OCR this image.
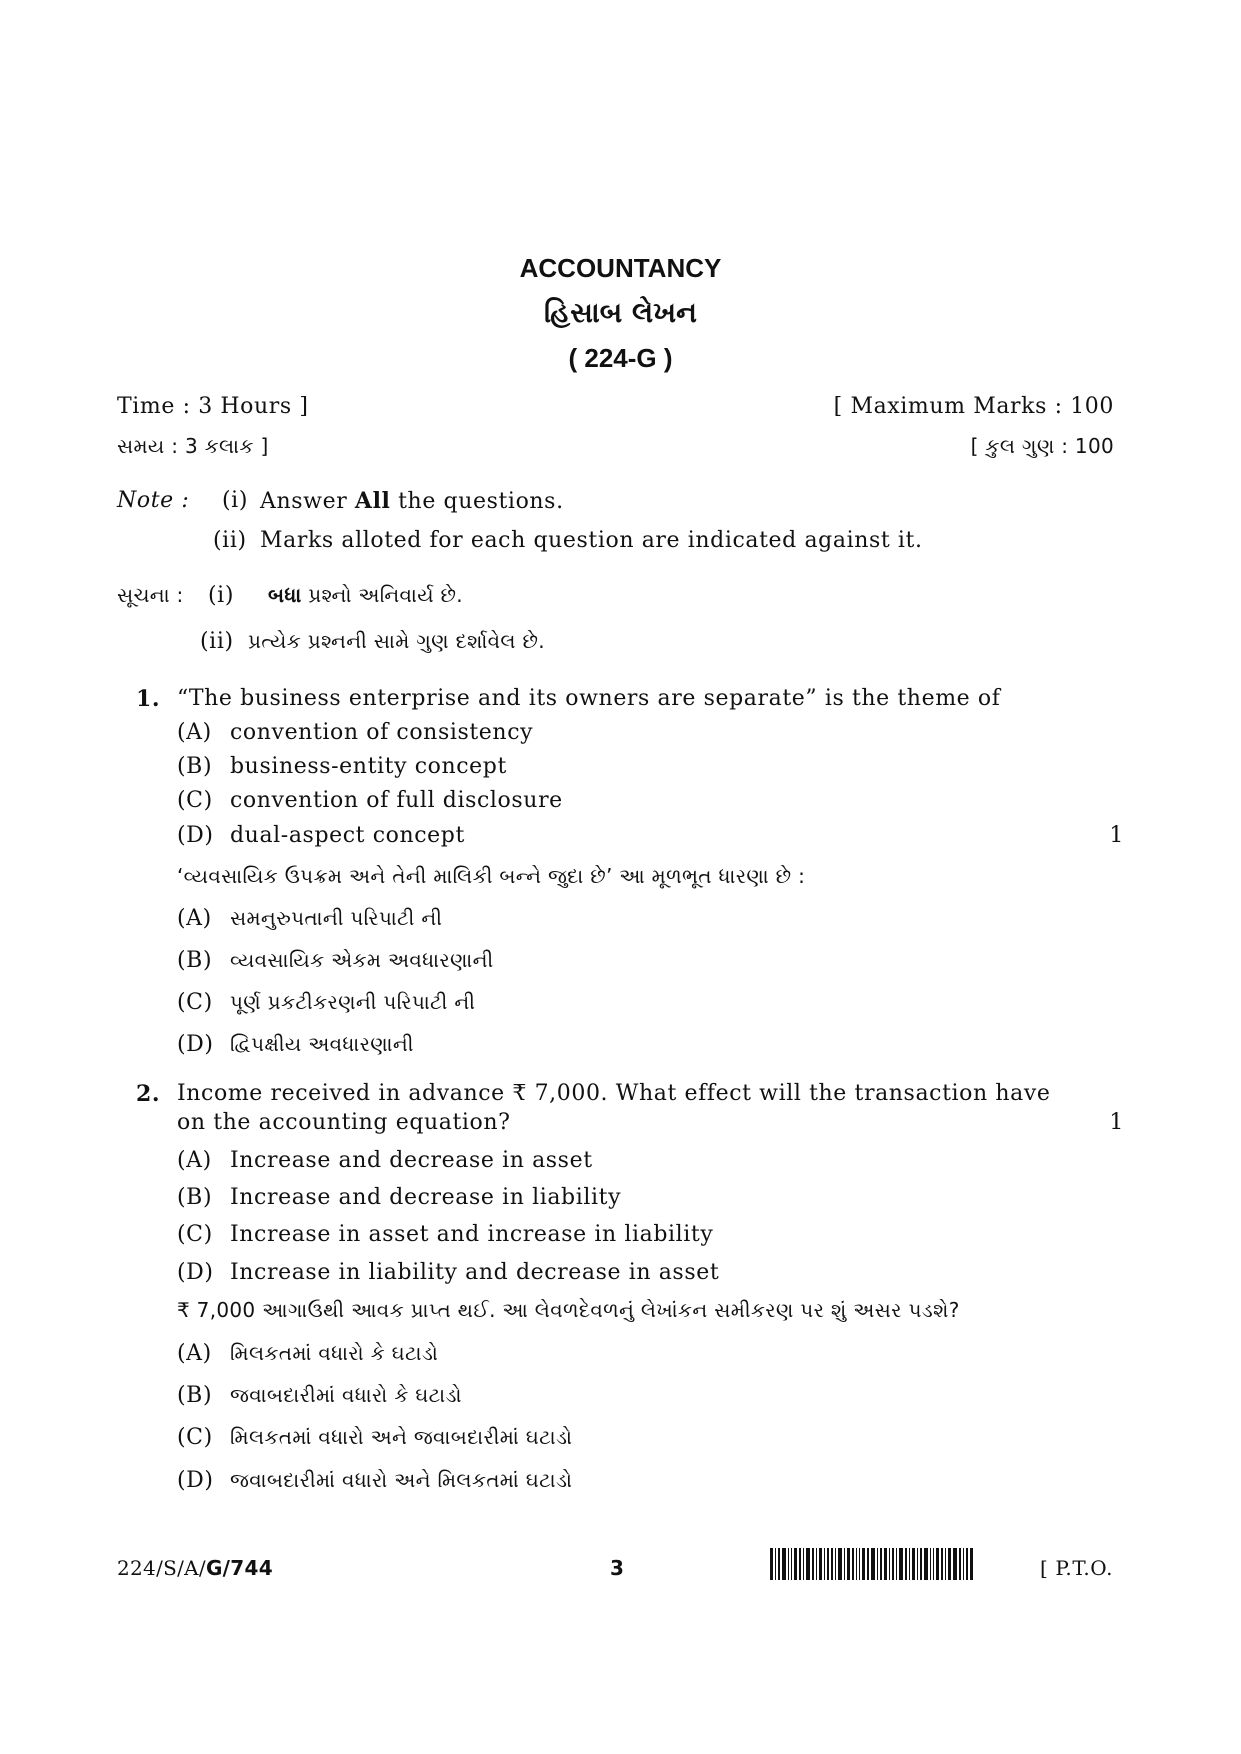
ACCOUNTANCY
હિસાબ લેખન
( 224-G )
Time : 3 Hours ]	[ Maximum Marks : 100
સમય : 3 કલાક ]	[ કુલ ગુણ : 100
Note : (i) Answer All the questions.
(ii) Marks alloted for each question are indicated against it.
સૂચના : (i) બધા પ્રશ્નો અનિવાર્ય છે.
(ii) પ્રત્યેક પ્રશ્નની સામે ગુણ દર્શાવેલ છે.
1. “The business enterprise and its owners are separate” is the theme of
(A) convention of consistency
(B) business-entity concept
(C) convention of full disclosure
(D) dual-aspect concept	1
‘વ્યવસાયિક ઉપક્રમ અને તેની માલિકી બન્ને જુદા છે’ આ મૂળભૂત ધારણા છે :
(A) સમનુરુપતાની પરિપાટી ની
(B) વ્યવસાયિક એકમ અવધારણાની
(C) પૂર્ણ પ્રકટીકરણની પરિપાટી ની
(D) દ્વિપક્ષીય અવધારણાની
2. Income received in advance ₹ 7,000. What effect will the transaction have
on the accounting equation?	1
(A) Increase and decrease in asset
(B) Increase and decrease in liability
(C) Increase in asset and increase in liability
(D) Increase in liability and decrease in asset
₹ 7,000 આગાઉથી આવક પ્રાપ્ત થઈ. આ લેવળદેવળનું લેખાંકન સમીકરણ પર શું અસર પડશે?
(A) મિલકતમાં વધારો કે ઘટાડો
(B) જવાબદારીમાં વધારો કે ઘટાડો
(C) મિલકતમાં વધારો અને જવાબદારીમાં ઘટાડો
(D) જવાબદારીમાં વધારો અને મિલકતમાં ઘટાડો
224/S/A/G/744	3	[ P.T.O.
